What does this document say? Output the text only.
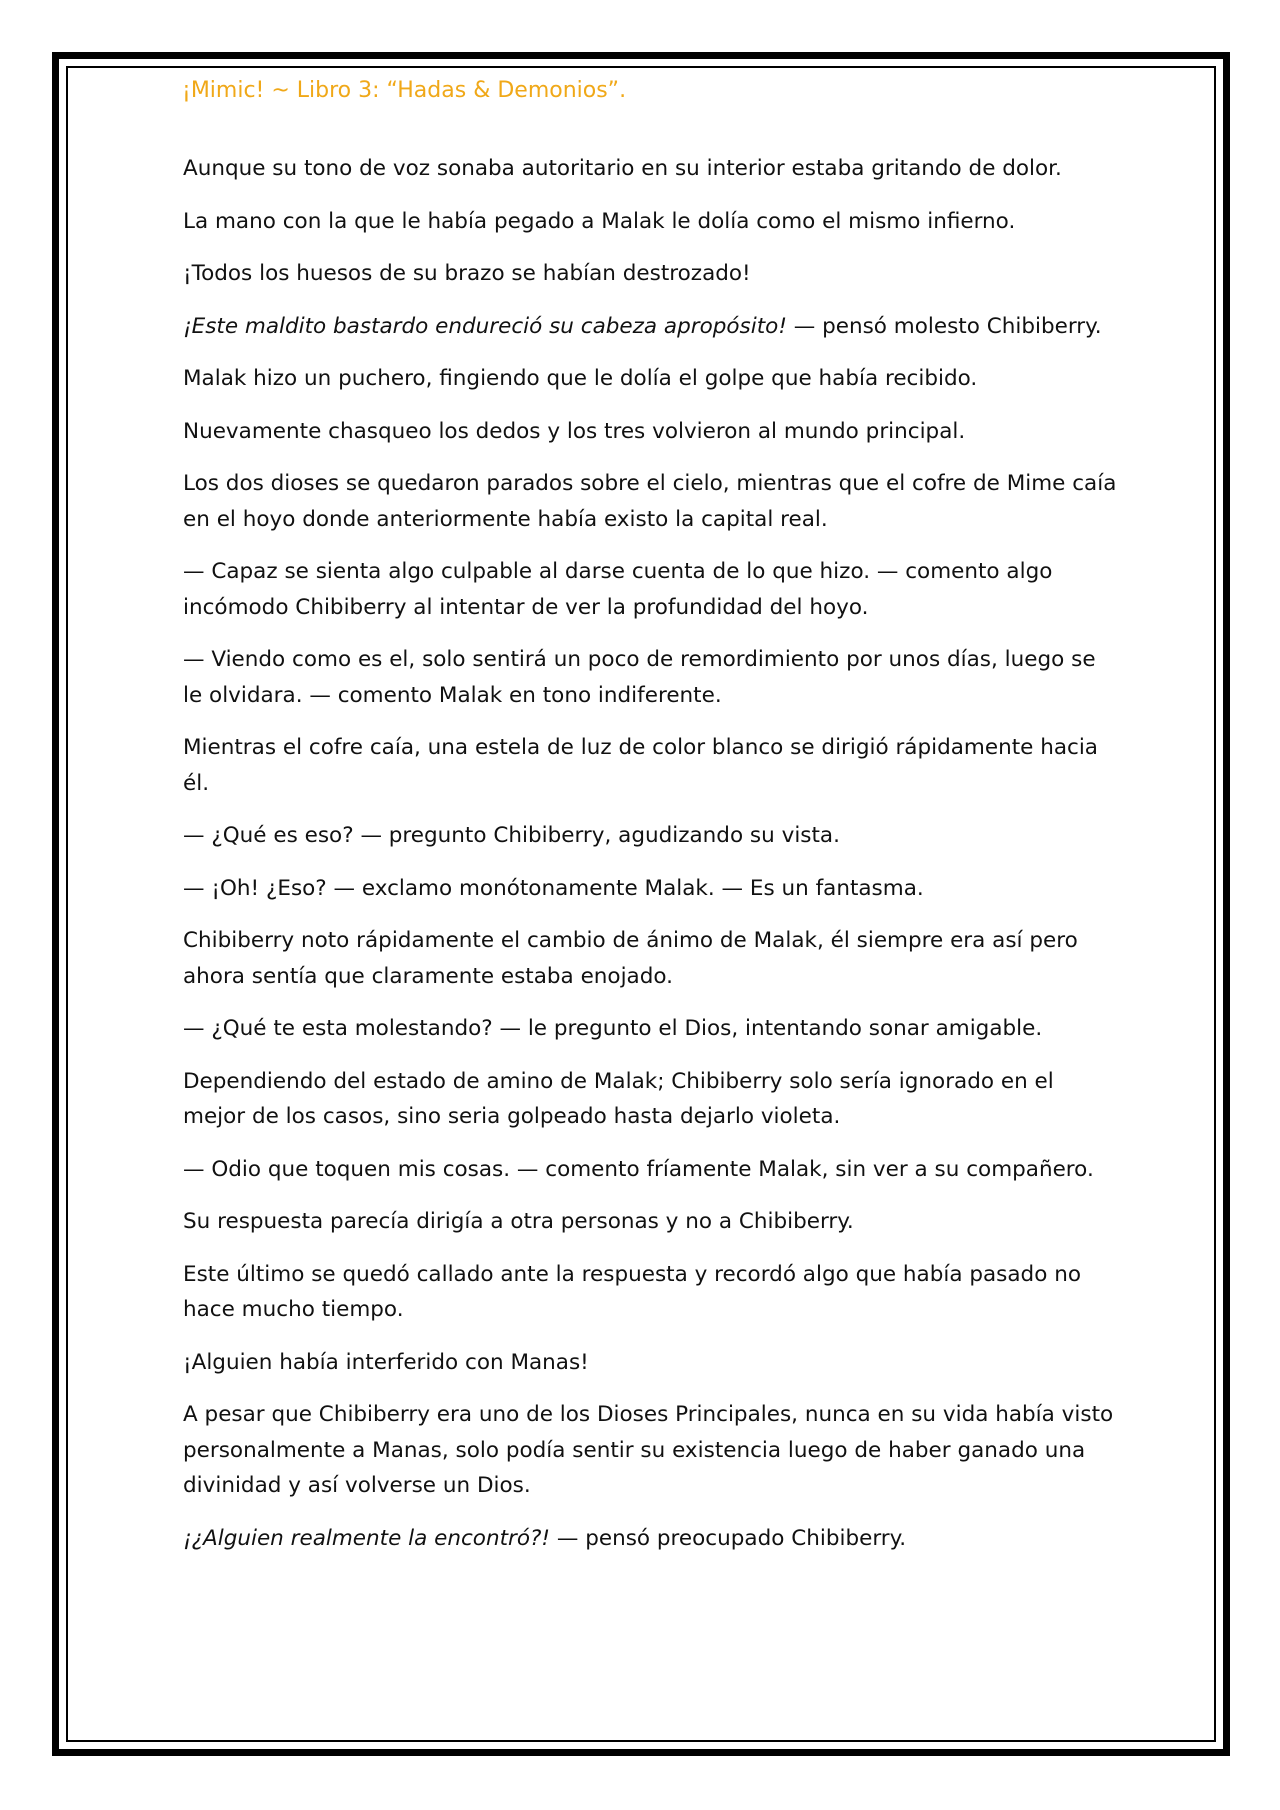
¡Mimic! ~ Libro 3: “Hadas & Demonios”.

Aunque su tono de voz sonaba autoritario en su interior estaba gritando de dolor.

La mano con la que le había pegado a Malak le dolía como el mismo infierno.

¡Todos los huesos de su brazo se habían destrozado!

¡Este maldito bastardo endureció su cabeza apropósito! — pensó molesto Chibiberry.

Malak hizo un puchero, fingiendo que le dolía el golpe que había recibido.

Nuevamente chasqueo los dedos y los tres volvieron al mundo principal.

Los dos dioses se quedaron parados sobre el cielo, mientras que el cofre de Mime caía en el hoyo donde anteriormente había existo la capital real.

— Capaz se sienta algo culpable al darse cuenta de lo que hizo. — comento algo incómodo Chibiberry al intentar de ver la profundidad del hoyo.

— Viendo como es el, solo sentirá un poco de remordimiento por unos días, luego se le olvidara. — comento Malak en tono indiferente.

Mientras el cofre caía, una estela de luz de color blanco se dirigió rápidamente hacia él.

— ¿Qué es eso? — pregunto Chibiberry, agudizando su vista.

— ¡Oh! ¿Eso? — exclamo monótonamente Malak. — Es un fantasma.

Chibiberry noto rápidamente el cambio de ánimo de Malak, él siempre era así pero ahora sentía que claramente estaba enojado.

— ¿Qué te esta molestando? — le pregunto el Dios, intentando sonar amigable.

Dependiendo del estado de amino de Malak; Chibiberry solo sería ignorado en el mejor de los casos, sino seria golpeado hasta dejarlo violeta.

— Odio que toquen mis cosas. — comento fríamente Malak, sin ver a su compañero.

Su respuesta parecía dirigía a otra personas y no a Chibiberry.

Este último se quedó callado ante la respuesta y recordó algo que había pasado no hace mucho tiempo.

¡Alguien había interferido con Manas!

A pesar que Chibiberry era uno de los Dioses Principales, nunca en su vida había visto personalmente a Manas, solo podía sentir su existencia luego de haber ganado una divinidad y así volverse un Dios.

¡¿Alguien realmente la encontró?! — pensó preocupado Chibiberry.
